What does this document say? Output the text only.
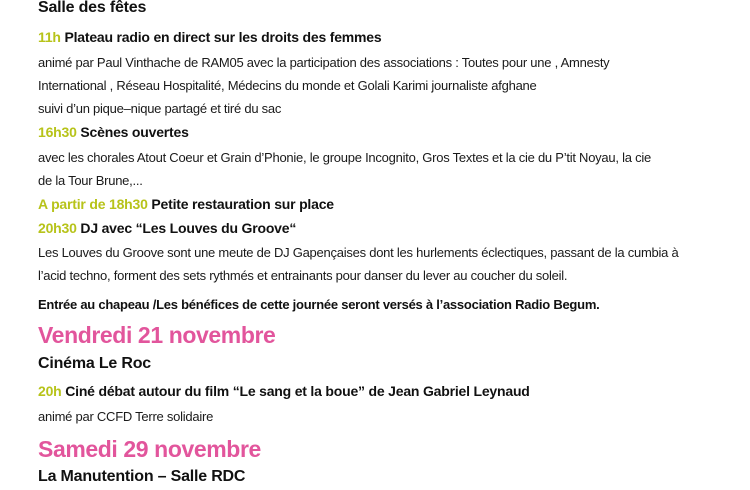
Salle des fêtes
11h Plateau radio en direct sur les droits des femmes
animé par Paul Vinthache de RAM05 avec la participation des associations : Toutes pour une , Amnesty
International , Réseau Hospitalité, Médecins du monde et Golali Karimi journaliste afghane
suivi d’un pique–nique partagé et tiré du sac
16h30 Scènes ouvertes
avec les chorales Atout Coeur et Grain d’Phonie, le groupe Incognito, Gros Textes et la cie du P’tit Noyau, la cie
de la Tour Brune,...
A partir de 18h30 Petite restauration sur place
20h30 DJ avec “Les Louves du Groove“
Les Louves du Groove sont une meute de DJ Gapençaises dont les hurlements éclectiques, passant de la cumbia à
l’acid techno, forment des sets rythmés et entrainants pour danser du lever au coucher du soleil.
Entrée au chapeau /Les bénéfices de cette journée seront versés à l’association Radio Begum.
Vendredi 21 novembre
Cinéma Le Roc
20h Ciné débat autour du film “Le sang et la boue” de Jean Gabriel Leynaud
animé par CCFD Terre solidaire
Samedi 29 novembre
La Manutention – Salle RDC
